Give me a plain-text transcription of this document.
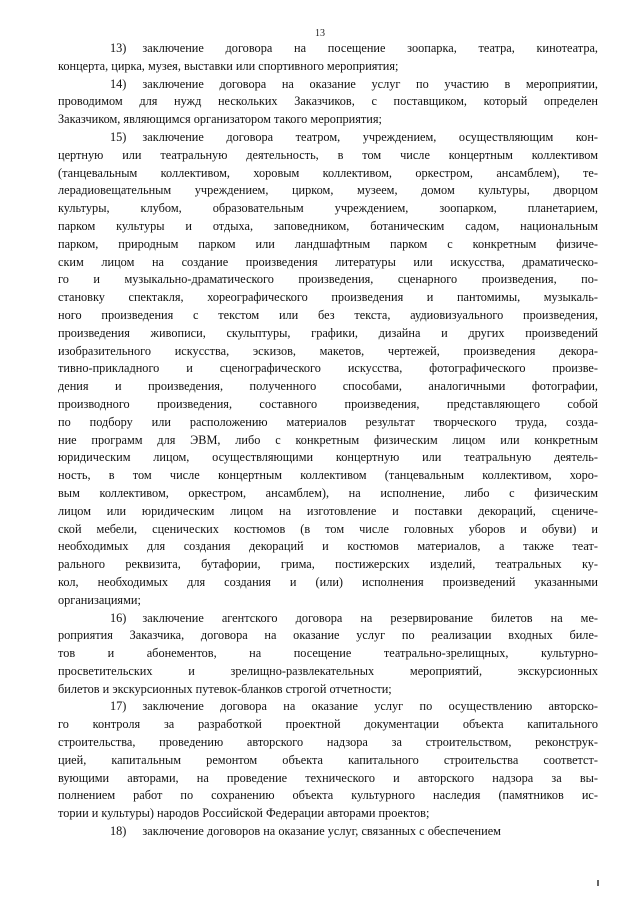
13
13) заключение договора на посещение зоопарка, театра, кинотеатра,
концерта, цирка, музея, выставки или спортивного мероприятия;
14) заключение договора на оказание услуг по участию в мероприятии,
проводимом для нужд нескольких Заказчиков, с поставщиком, который определен
Заказчиком, являющимся организатором такого мероприятия;
15) заключение договора театром, учреждением, осуществляющим кон-
цертную или театральную деятельность, в том числе концертным коллективом
(танцевальным коллективом, хоровым коллективом, оркестром, ансамблем), те-
лерадиовещательным учреждением, цирком, музеем, домом культуры, дворцом
культуры, клубом, образовательным учреждением, зоопарком, планетарием,
парком культуры и отдыха, заповедником, ботаническим садом, национальным
парком, природным парком или ландшафтным парком с конкретным физиче-
ским лицом на создание произведения литературы или искусства, драматическо-
го и музыкально-драматического произведения, сценарного произведения, по-
становку спектакля, хореографического произведения и пантомимы, музыкаль-
ного произведения с текстом или без текста, аудиовизуального произведения,
произведения живописи, скульптуры, графики, дизайна и других произведений
изобразительного искусства, эскизов, макетов, чертежей, произведения декора-
тивно-прикладного и сценографического искусства, фотографического произве-
дения и произведения, полученного способами, аналогичными фотографии,
производного произведения, составного произведения, представляющего собой
по подбору или расположению материалов результат творческого труда, созда-
ние программ для ЭВМ, либо с конкретным физическим лицом или конкретным
юридическим лицом, осуществляющими концертную или театральную деятель-
ность, в том числе концертным коллективом (танцевальным коллективом, хоро-
вым коллективом, оркестром, ансамблем), на исполнение, либо с физическим
лицом или юридическим лицом на изготовление и поставки декораций, сцениче-
ской мебели, сценических костюмов (в том числе головных уборов и обуви) и
необходимых для создания декораций и костюмов материалов, а также теат-
рального реквизита, бутафории, грима, постижерских изделий, театральных ку-
кол, необходимых для создания и (или) исполнения произведений указанными
организациями;
16) заключение агентского договора на резервирование билетов на ме-
роприятия Заказчика, договора на оказание услуг по реализации входных биле-
тов и абонементов, на посещение театрально-зрелищных, культурно-
просветительских и зрелищно-развлекательных мероприятий, экскурсионных
билетов и экскурсионных путевок-бланков строгой отчетности;
17) заключение договора на оказание услуг по осуществлению авторско-
го контроля за разработкой проектной документации объекта капитального
строительства, проведению авторского надзора за строительством, реконструк-
цией, капитальным ремонтом объекта капитального строительства соответст-
вующими авторами, на проведение технического и авторского надзора за вы-
полнением работ по сохранению объекта культурного наследия (памятников ис-
тории и культуры) народов Российской Федерации авторами проектов;
18) заключение договоров на оказание услуг, связанных с обеспечением
